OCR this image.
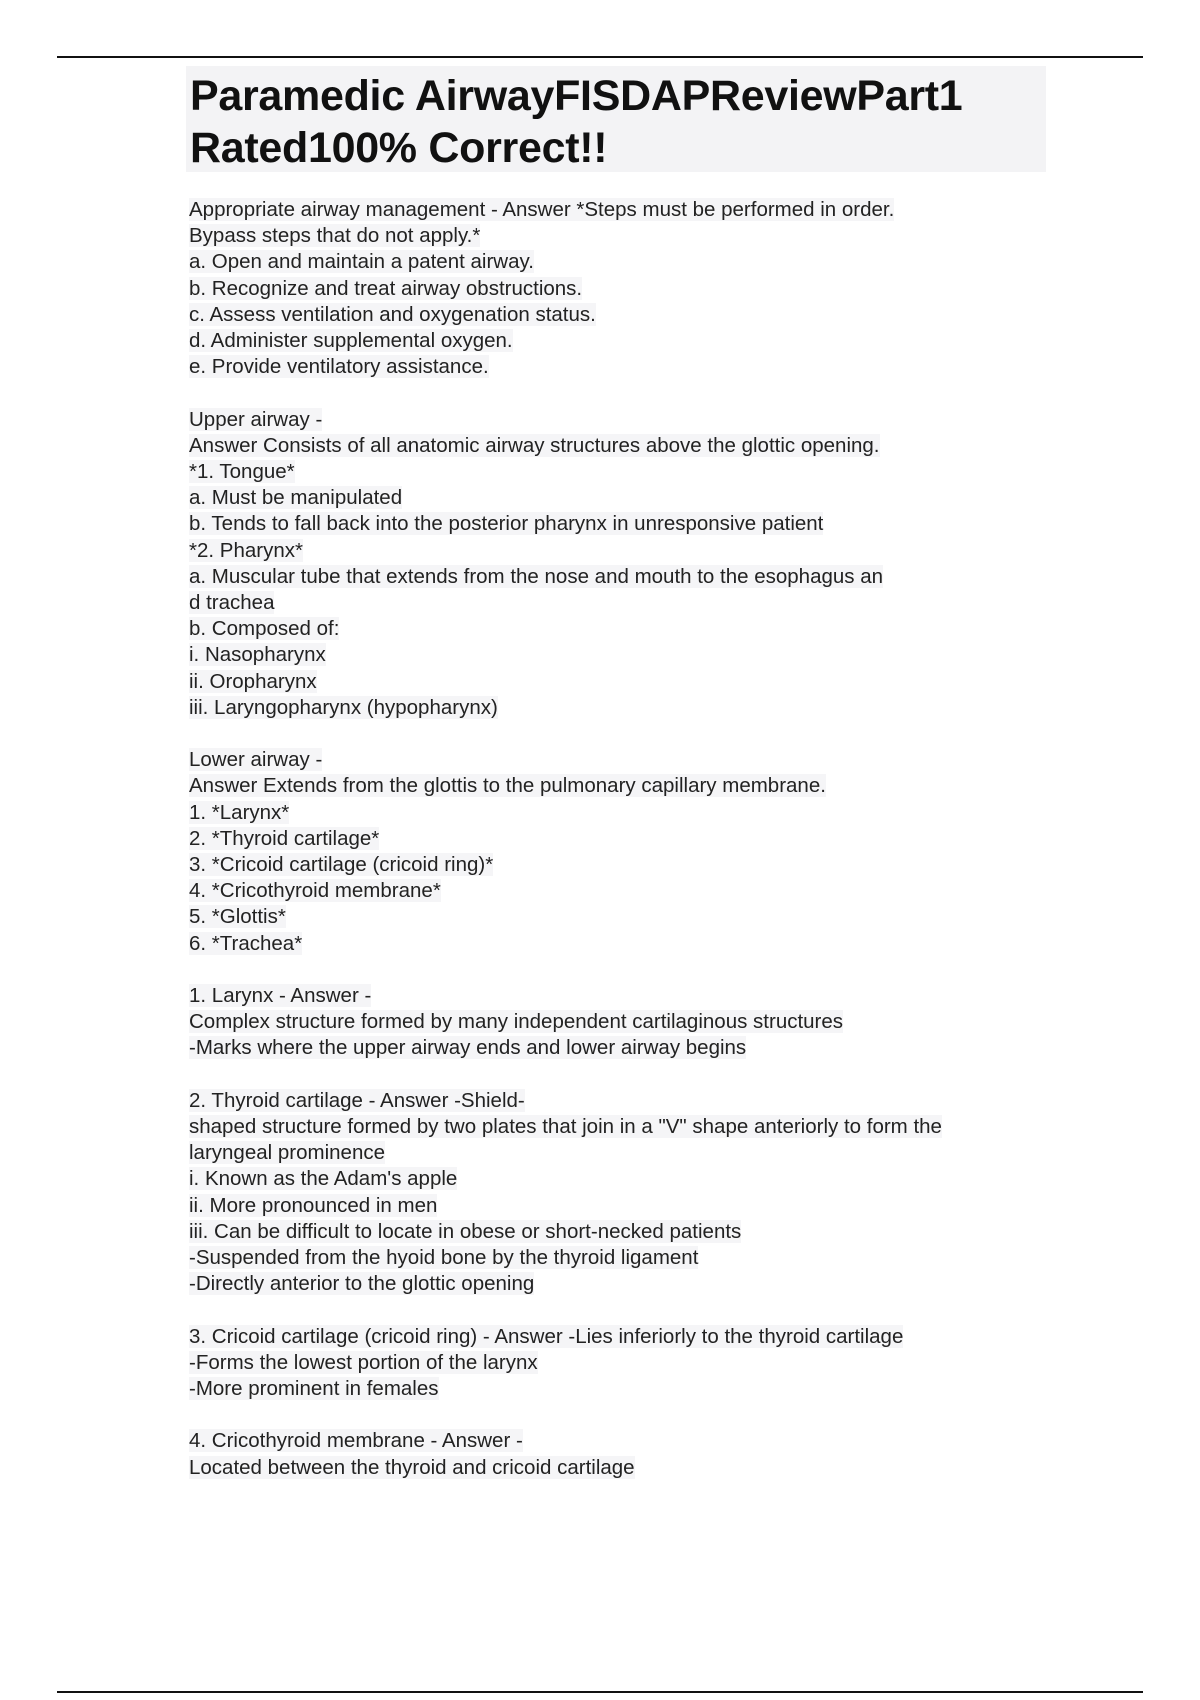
Paramedic AirwayFISDAPReviewPart1
Rated100% Correct!!
Appropriate airway management - Answer *Steps must be performed in order.
Bypass steps that do not apply.*
a. Open and maintain a patent airway.
b. Recognize and treat airway obstructions.
c. Assess ventilation and oxygenation status.
d. Administer supplemental oxygen.
e. Provide ventilatory assistance.
Upper airway -
Answer Consists of all anatomic airway structures above the glottic opening.
*1. Tongue*
a. Must be manipulated
b. Tends to fall back into the posterior pharynx in unresponsive patient
*2. Pharynx*
a. Muscular tube that extends from the nose and mouth to the esophagus an
d trachea
b. Composed of:
i. Nasopharynx
ii. Oropharynx
iii. Laryngopharynx (hypopharynx)
Lower airway -
Answer Extends from the glottis to the pulmonary capillary membrane.
1. *Larynx*
2. *Thyroid cartilage*
3. *Cricoid cartilage (cricoid ring)*
4. *Cricothyroid membrane*
5. *Glottis*
6. *Trachea*
1. Larynx - Answer -
Complex structure formed by many independent cartilaginous structures
-Marks where the upper airway ends and lower airway begins
2. Thyroid cartilage - Answer -Shield-
shaped structure formed by two plates that join in a "V" shape anteriorly to form the
laryngeal prominence
i. Known as the Adam's apple
ii. More pronounced in men
iii. Can be difficult to locate in obese or short-necked patients
-Suspended from the hyoid bone by the thyroid ligament
-Directly anterior to the glottic opening
3. Cricoid cartilage (cricoid ring) - Answer -Lies inferiorly to the thyroid cartilage
-Forms the lowest portion of the larynx
-More prominent in females
4. Cricothyroid membrane - Answer -
Located between the thyroid and cricoid cartilage
